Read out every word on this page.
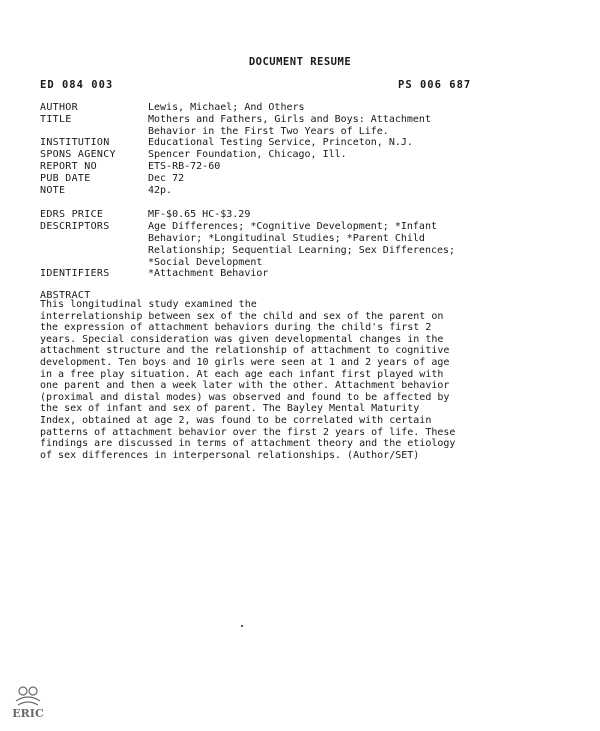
DOCUMENT RESUME
ED 084 003	PS 006 687
AUTHOR	Lewis, Michael; And Others
TITLE	Mothers and Fathers, Girls and Boys: Attachment
Behavior in the First Two Years of Life.
INSTITUTION	Educational Testing Service, Princeton, N.J.
SPONS AGENCY	Spencer Foundation, Chicago, Ill.
REPORT NO	ETS-RB-72-60
PUB DATE	Dec 72
NOTE	42p.
EDRS PRICE	MF-$0.65 HC-$3.29
DESCRIPTORS	Age Differences; *Cognitive Development; *Infant
Behavior; *Longitudinal Studies; *Parent Child
Relationship; Sequential Learning; Sex Differences;
*Social Development
IDENTIFIERS	*Attachment Behavior
ABSTRACT
This longitudinal study examined the
interrelationship between sex of the child and sex of the parent on
the expression of attachment behaviors during the child's first 2
years. Special consideration was given developmental changes in the
attachment structure and the relationship of attachment to cognitive
development. Ten boys and 10 girls were seen at 1 and 2 years of age
in a free play situation. At each age each infant first played with
one parent and then a week later with the other. Attachment behavior
(proximal and distal modes) was observed and found to be affected by
the sex of infant and sex of parent. The Bayley Mental Maturity
Index, obtained at age 2, was found to be correlated with certain
patterns of attachment behavior over the first 2 years of life. These
findings are discussed in terms of attachment theory and the etiology
of sex differences in interpersonal relationships. (Author/SET)
ERIC
